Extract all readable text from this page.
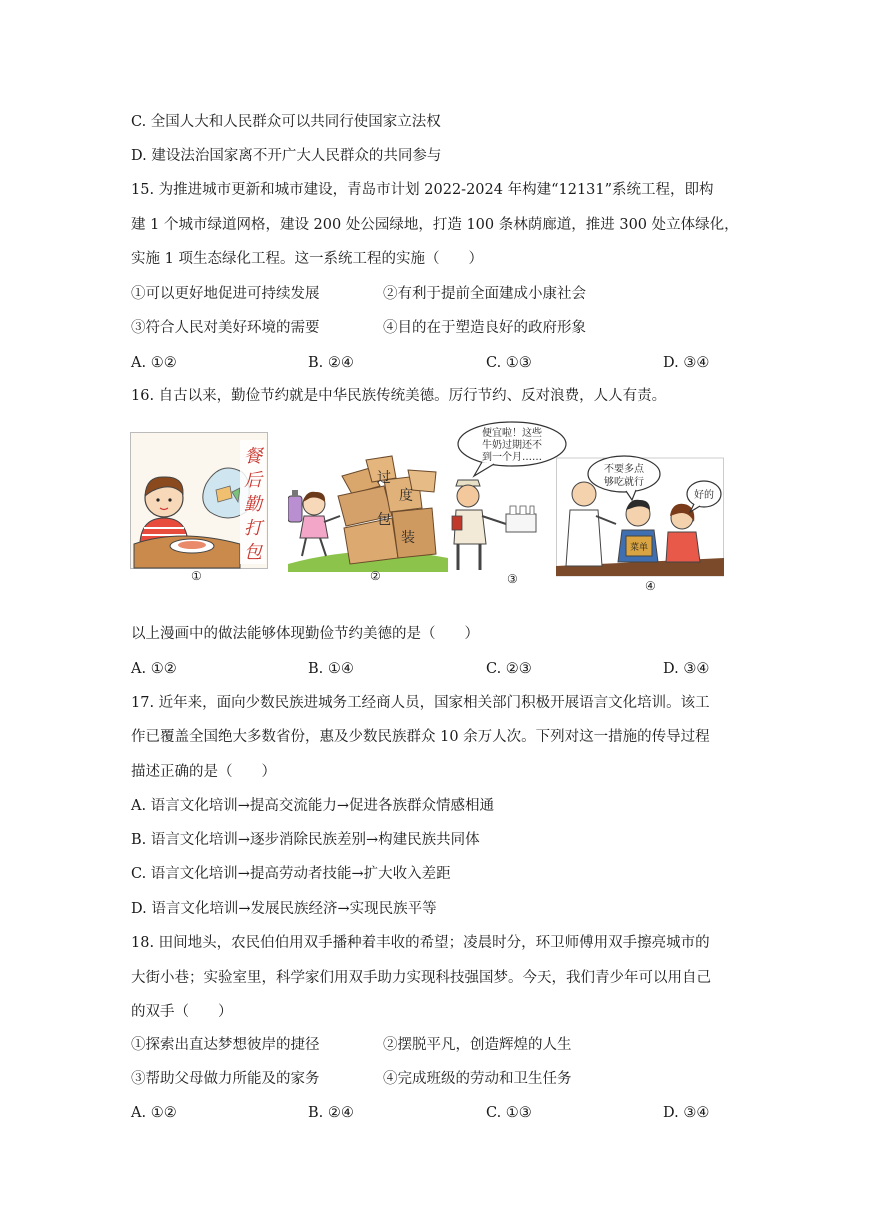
C. 全国人大和人民群众可以共同行使国家立法权
D. 建设法治国家离不开广大人民群众的共同参与
15. 为推进城市更新和城市建设，青岛市计划 2022-2024 年构建“12131”系统工程，即构
建 1 个城市绿道网格，建设 200 处公园绿地，打造 100 条林荫廊道，推进 300 处立体绿化，
实施 1 项生态绿化工程。这一系统工程的实施（　　）
①可以更好地促进可持续发展	②有利于提前全面建成小康社会
③符合人民对美好环境的需要	④目的在于塑造良好的政府形象
A. ①②	B. ②④	C. ①③	D. ③④
16. 自古以来，勤俭节约就是中华民族传统美德。厉行节约、反对浪费，人人有责。
餐
后
勤
打
包
①
过
度
包
装
②
便宜啦！这些
牛奶过期还不
到一个月……
③
菜单
不要多点
够吃就行
好的
④
以上漫画中的做法能够体现勤俭节约美德的是（　　）
A. ①②	B. ①④	C. ②③	D. ③④
17. 近年来，面向少数民族进城务工经商人员，国家相关部门积极开展语言文化培训。该工
作已覆盖全国绝大多数省份，惠及少数民族群众 10 余万人次。下列对这一措施的传导过程
描述正确的是（　　）
A. 语言文化培训→提高交流能力→促进各族群众情感相通
B. 语言文化培训→逐步消除民族差别→构建民族共同体
C. 语言文化培训→提高劳动者技能→扩大收入差距
D. 语言文化培训→发展民族经济→实现民族平等
18. 田间地头，农民伯伯用双手播种着丰收的希望；凌晨时分，环卫师傅用双手擦亮城市的
大街小巷；实验室里，科学家们用双手助力实现科技强国梦。今天，我们青少年可以用自己
的双手（　　）
①探索出直达梦想彼岸的捷径	②摆脱平凡，创造辉煌的人生
③帮助父母做力所能及的家务	④完成班级的劳动和卫生任务
A. ①②	B. ②④	C. ①③	D. ③④
